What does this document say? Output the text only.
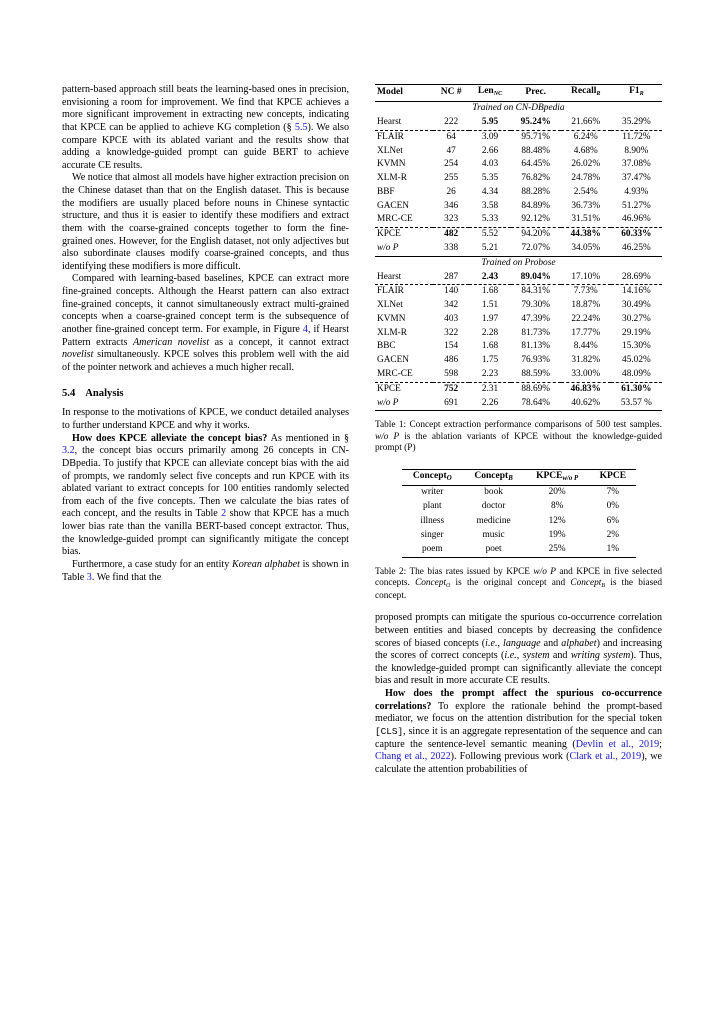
pattern-based approach still beats the learning-based ones in precision, envisioning a room for improvement. We find that KPCE achieves a more significant improvement in extracting new concepts, indicating that KPCE can be applied to achieve KG completion (§ 5.5). We also compare KPCE with its ablated variant and the results show that adding a knowledge-guided prompt can guide BERT to achieve accurate CE results.

We notice that almost all models have higher extraction precision on the Chinese dataset than that on the English dataset. This is because the modifiers are usually placed before nouns in Chinese syntactic structure, and thus it is easier to identify these modifiers and extract them with the coarse-grained concepts together to form the fine-grained ones. However, for the English dataset, not only adjectives but also subordinate clauses modify coarse-grained concepts, and thus identifying these modifiers is more difficult.

Compared with learning-based baselines, KPCE can extract more fine-grained concepts. Although the Hearst pattern can also extract fine-grained concepts, it cannot simultaneously extract multi-grained concepts when a coarse-grained concept term is the subsequence of another fine-grained concept term. For example, in Figure 4, if Hearst Pattern extracts American novelist as a concept, it cannot extract novelist simultaneously. KPCE solves this problem well with the aid of the pointer network and achieves a much higher recall.

5.4 Analysis

In response to the motivations of KPCE, we conduct detailed analyses to further understand KPCE and why it works.

How does KPCE alleviate the concept bias? As mentioned in § 3.2, the concept bias occurs primarily among 26 concepts in CN-DBpedia. To justify that KPCE can alleviate concept bias with the aid of prompts, we randomly select five concepts and run KPCE with its ablated variant to extract concepts for 100 entities randomly selected from each of the five concepts. Then we calculate the bias rates of each concept, and the results in Table 2 show that KPCE has a much lower bias rate than the vanilla BERT-based concept extractor. Thus, the knowledge-guided prompt can significantly mitigate the concept bias.

Furthermore, a case study for an entity Korean alphabet is shown in Table 3. We find that the

Model	NC #	Len$_{NC}$	Prec.	Recall$_R$	$F1_R$
Trained on CN-DBpedia					
Hearst	222	5.95	95.24%	21.66%	35.29%
FLAIR	64	3.09	95.71%	6.24%	11.72%
XLNet	47	2.66	88.48%	4.68%	8.90%
KVMN	254	4.03	64.45%	26.02%	37.08%
XLM-R	255	5.35	76.82%	24.78%	37.47%
BBF	26	4.34	88.28%	2.54%	4.93%
GACEN	346	3.58	84.89%	36.73%	51.27%
MRC-CE	323	5.33	92.12%	31.51%	46.96%
KPCE	482	5.52	94.20%	44.38%	60.33%
w/o P	338	5.21	72.07%	34.05%	46.25%
Trained on Probose					
Hearst	287	2.43	89.04%	17.10%	28.69%
FLAIR	140	1.68	84.31%	7.73%	14.16%
XLNet	342	1.51	79.30%	18.87%	30.49%
KVMN	403	1.97	47.39%	22.24%	30.27%
XLM-R	322	2.28	81.73%	17.77%	29.19%
BBC	154	1.68	81.13%	8.44%	15.30%
GACEN	486	1.75	76.93%	31.82%	45.02%
MRC-CE	598	2.23	88.59%	33.00%	48.09%
KPCE	752	2.31	88.69%	46.83%	61.30%
w/o P	691	2.26	78.64%	40.62%	53.57 %

Table 1: Concept extraction performance comparisons of 500 test samples. w/o P is the ablation variants of KPCE without the knowledge-guided prompt (P)

Concept$_O$	Concept$_B$	$KPCE_{w/o P}$	KPCE
writer	book	20%	7%
plant	doctor	8%	0%
illness	medicine	12%	6%
singer	music	19%	2%
poem	poet	25%	1%

Table 2: The bias rates issued by KPCE w/o P and KPCE in five selected concepts. Concept$_O$ is the original concept and Concept$_B$ is the biased concept.

proposed prompts can mitigate the spurious co-occurrence correlation between entities and biased concepts by decreasing the confidence scores of biased concepts (i.e., language and alphabet) and increasing the scores of correct concepts (i.e., system and writing system). Thus, the knowledge-guided prompt can significantly alleviate the concept bias and result in more accurate CE results.

How does the prompt affect the spurious co-occurrence correlations? To explore the rationale behind the prompt-based mediator, we focus on the attention distribution for the special token [CLS], since it is an aggregate representation of the sequence and can capture the sentence-level semantic meaning (Devlin et al., 2019; Chang et al., 2022). Following previous work (Clark et al., 2019), we calculate the attention probabilities of
